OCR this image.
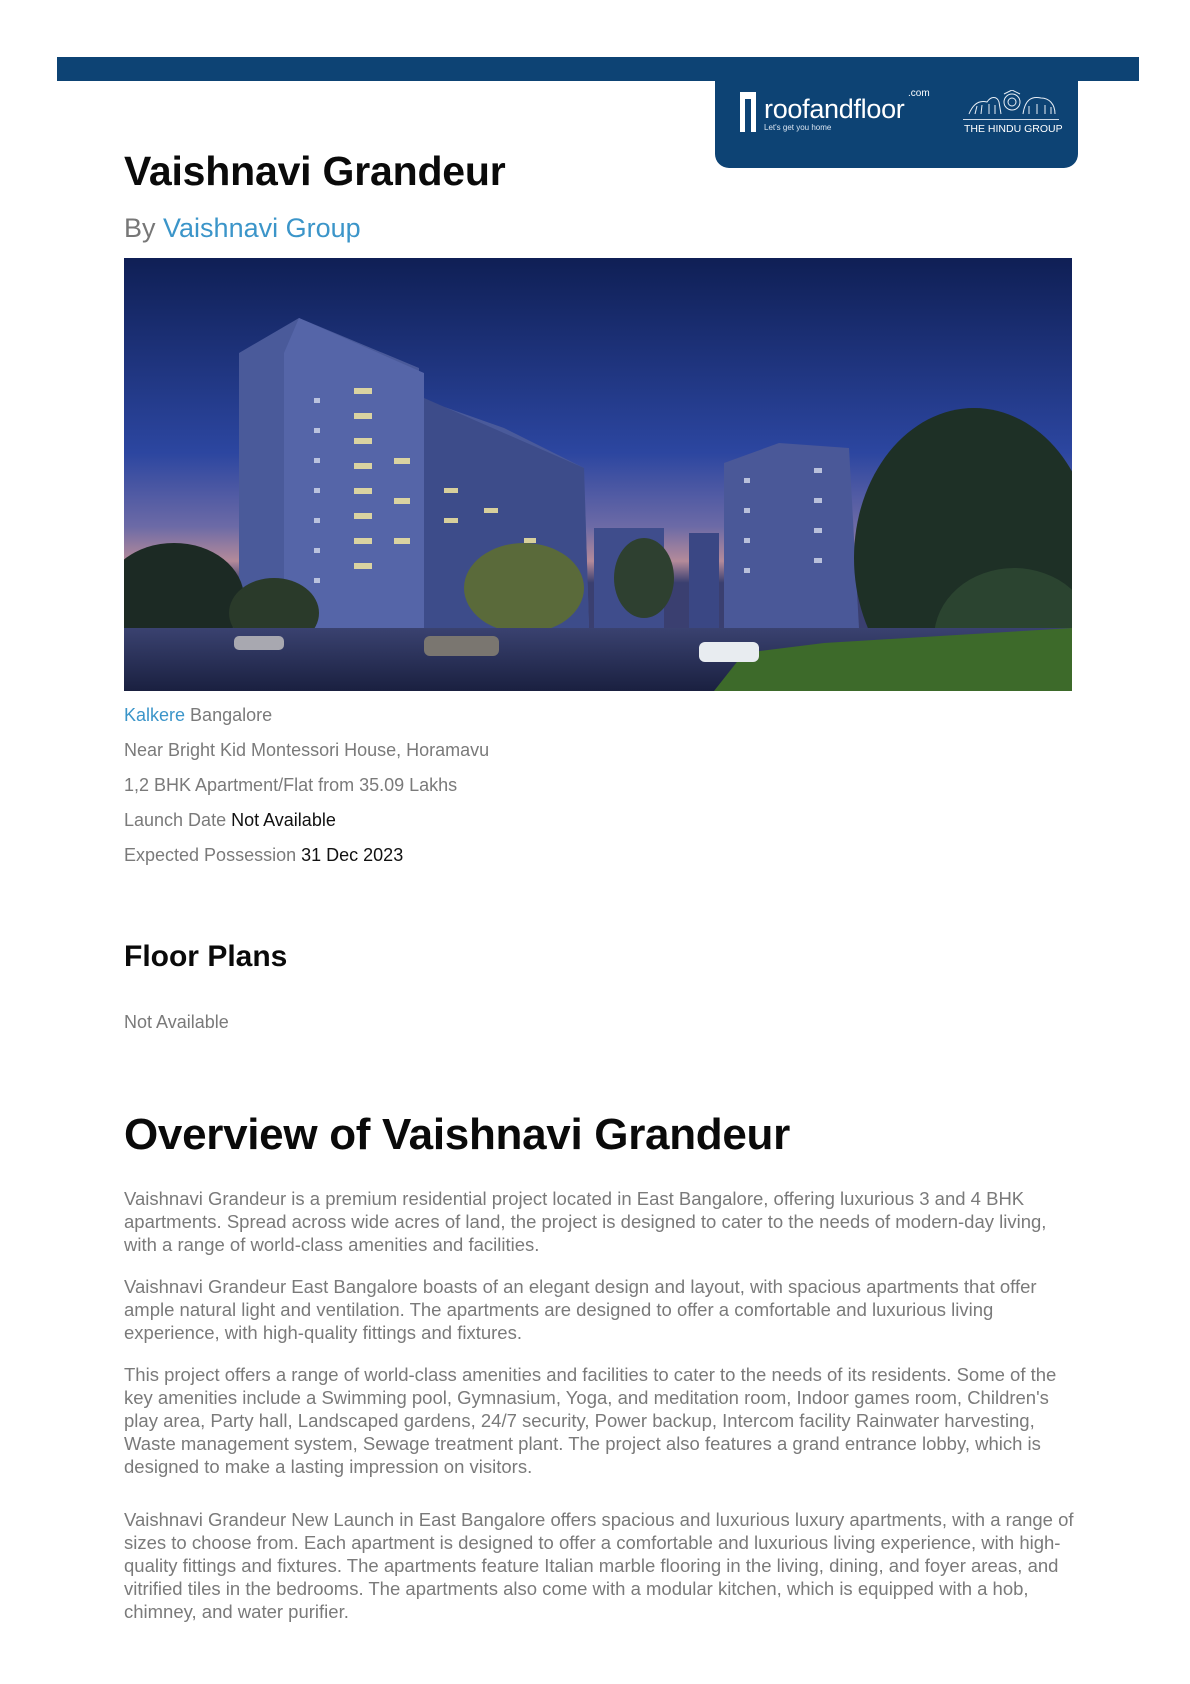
roofandfloor
.com
Let's get you home	THE HINDU GROUP
Vaishnavi Grandeur
By Vaishnavi Group
Kalkere Bangalore
Near Bright Kid Montessori House, Horamavu
1,2 BHK Apartment/Flat from 35.09 Lakhs
Launch Date Not Available
Expected Possession 31 Dec 2023
Floor Plans
Not Available
Overview of Vaishnavi Grandeur

Vaishnavi Grandeur is a premium residential project located in East Bangalore, offering luxurious 3 and 4 BHK apartments. Spread across wide acres of land, the project is designed to cater to the needs of modern-day living, with a range of world-class amenities and facilities.

Vaishnavi Grandeur East Bangalore boasts of an elegant design and layout, with spacious apartments that offer ample natural light and ventilation. The apartments are designed to offer a comfortable and luxurious living experience, with high-quality fittings and fixtures.

This project offers a range of world-class amenities and facilities to cater to the needs of its residents. Some of the key amenities include a Swimming pool, Gymnasium, Yoga, and meditation room, Indoor games room, Children's play area, Party hall, Landscaped gardens, 24/7 security, Power backup, Intercom facility Rainwater harvesting, Waste management system, Sewage treatment plant. The project also features a grand entrance lobby, which is designed to make a lasting impression on visitors.

Vaishnavi Grandeur New Launch in East Bangalore offers spacious and luxurious luxury apartments, with a range of sizes to choose from. Each apartment is designed to offer a comfortable and luxurious living experience, with high-quality fittings and fixtures. The apartments feature Italian marble flooring in the living, dining, and foyer areas, and vitrified tiles in the bedrooms. The apartments also come with a modular kitchen, which is equipped with a hob, chimney, and water purifier.
